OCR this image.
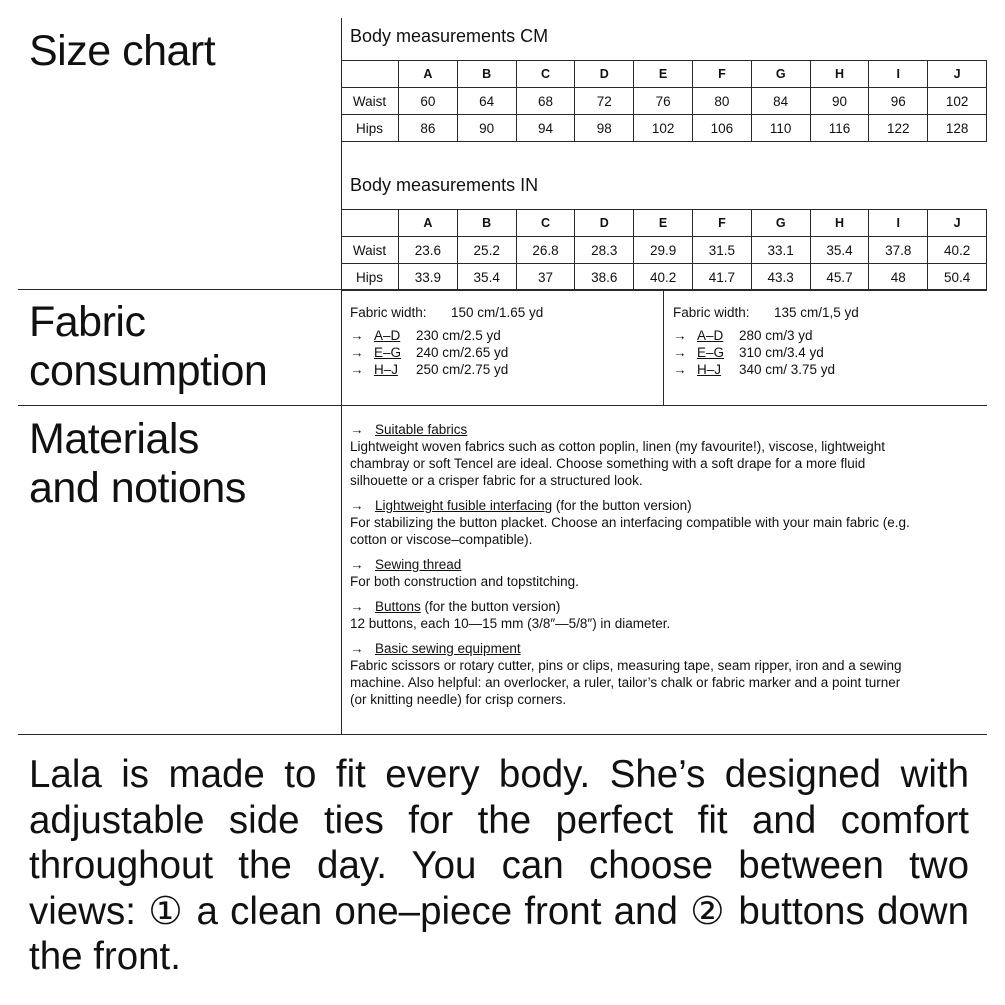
Size chart	Body measurements CM
	A	B	C	D	E	F	G	H	I	J
Waist	60	64	68	72	76	80	84	90	96	102
Hips	86	90	94	98	102	106	110	116	122	128
Body measurements IN
	A	B	C	D	E	F	G	H	I	J
Waist	23.6	25.2	26.8	28.3	29.9	31.5	33.1	35.4	37.8	40.2
Hips	33.9	35.4	37	38.6	40.2	41.7	43.3	45.7	48	50.4
Fabric
consumption
Fabric width: 150 cm/1.65 yd
→ A–D 230 cm/2.5 yd
→ E–G 240 cm/2.65 yd
→ H–J 250 cm/2.75 yd
Fabric width: 135 cm/1,5 yd
→ A–D 280 cm/3 yd
→ E–G 310 cm/3.4 yd
→ H–J 340 cm/ 3.75 yd
Materials
and notions
→ Suitable fabrics
Lightweight woven fabrics such as cotton poplin, linen (my favourite!), viscose, lightweight chambray or soft Tencel are ideal. Choose something with a soft drape for a more fluid silhouette or a crisper fabric for a structured look.
→ Lightweight fusible interfacing (for the button version)
For stabilizing the button placket. Choose an interfacing compatible with your main fabric (e.g. cotton or viscose–compatible).
→ Sewing thread
For both construction and topstitching.
→ Buttons (for the button version)
12 buttons, each 10—15 mm (3/8″—5/8″) in diameter.
→ Basic sewing equipment
Fabric scissors or rotary cutter, pins or clips, measuring tape, seam ripper, iron and a sewing machine. Also helpful: an overlocker, a ruler, tailor’s chalk or fabric marker and a point turner (or knitting needle) for crisp corners.
Lala is made to fit every body. She’s designed with adjustable side ties for the perfect fit and comfort throughout the day. You can choose between two views: ① a clean one–piece front and ② buttons down the front.
